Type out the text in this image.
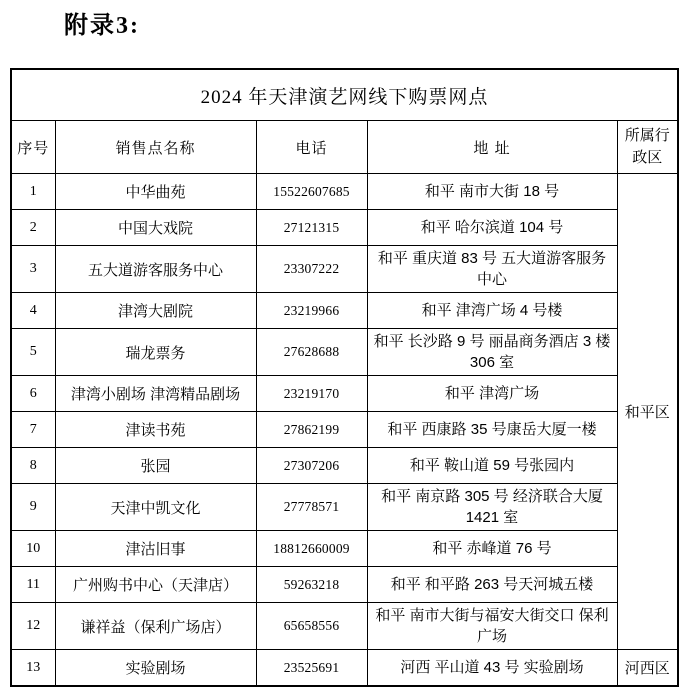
附录3:
2024 年天津演艺网线下购票网点				
序号	销售点名称	电话	地 址	所属行政区
1	中华曲苑	15522607685	和平 南市大街 18 号	和平区
2	中国大戏院	27121315	和平 哈尔滨道 104 号	
3	五大道游客服务中心	23307222	和平 重庆道 83 号 五大道游客服务中心	
4	津湾大剧院	23219966	和平 津湾广场 4 号楼	
5	瑞龙票务	27628688	和平 长沙路 9 号 丽晶商务酒店 3 楼 306 室	
6	津湾小剧场 津湾精品剧场	23219170	和平 津湾广场	
7	津读书苑	27862199	和平 西康路 35 号康岳大厦一楼	
8	张园	27307206	和平 鞍山道 59 号张园内	
9	天津中凯文化	27778571	和平 南京路 305 号 经济联合大厦 1421 室	
10	津沽旧事	18812660009	和平 赤峰道 76 号	
11	广州购书中心（天津店）	59263218	和平 和平路 263 号天河城五楼	
12	谦祥益（保利广场店）	65658556	和平 南市大街与福安大街交口 保利广场	
13	实验剧场	23525691	河西 平山道 43 号 实验剧场	河西区
